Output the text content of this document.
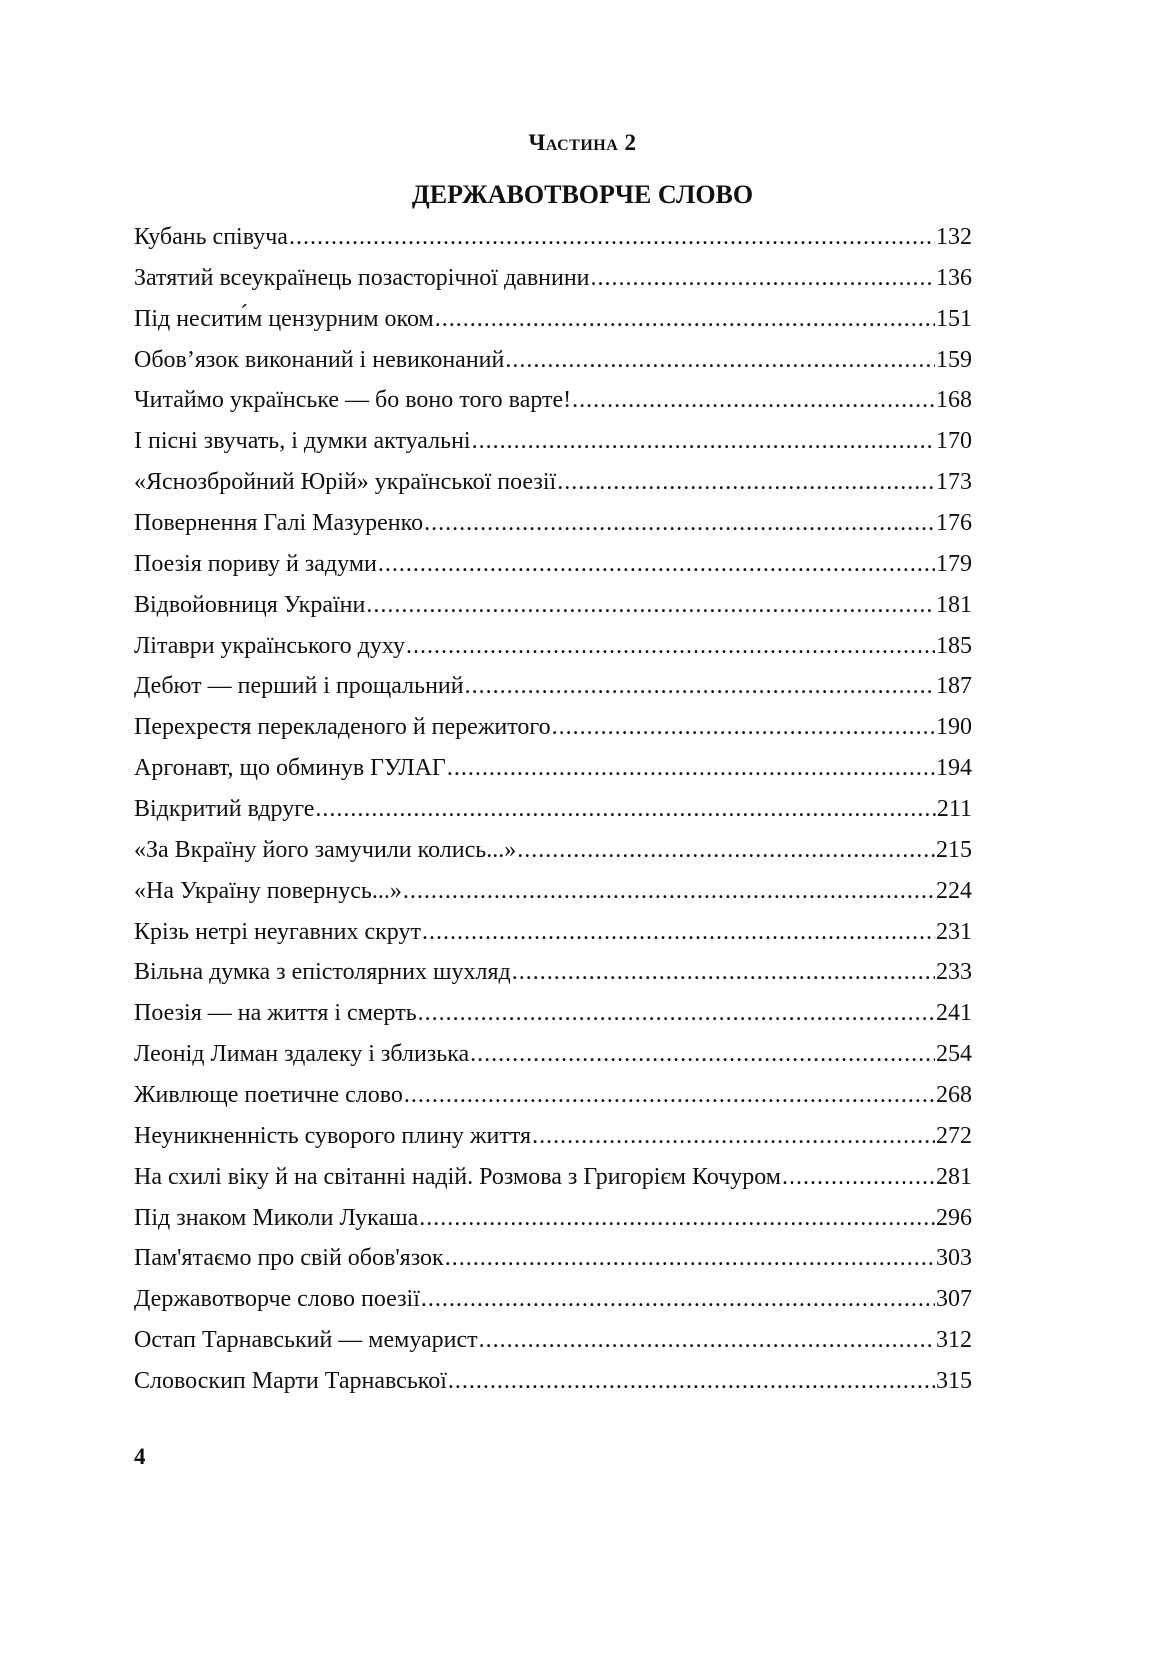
Частина 2
ДЕРЖАВОТВОРЧЕ СЛОВО
Кубань співуча .....	132
Затятий всеукраїнець позасторічної давнини .....	136
Під несити́м цензурним оком .....	151
Обов’язок виконаний і невиконаний .....	159
Читаймо українське — бо воно того варте! .....	168
І пісні звучать, і думки актуальні .....	170
«Яснозбройний Юрій» української поезії .....	173
Повернення Галі Мазуренко .....	176
Поезія пориву й задуми .....	179
Відвойовниця України .....	181
Літаври українського духу .....	185
Дебют — перший і прощальний .....	187
Перехрестя перекладеного й пережитого .....	190
Аргонавт, що обминув ГУЛАГ .....	194
Відкритий вдруге .....	211
«За Вкраїну його замучили колись...» .....	215
«На Україну повернусь...» .....	224
Крізь нетрі неугавних скрут .....	231
Вільна думка з епістолярних шухляд .....	233
Поезія — на життя і смерть .....	241
Леонід Лиман здалеку і зблизька .....	254
Живлюще поетичне слово .....	268
Неуникненність суворого плину життя .....	272
На схилі віку й на світанні надій. Розмова з Григорієм Кочуром .....	281
Під знаком Миколи Лукаша .....	296
Пам'ятаємо про свій обов'язок .....	303
Державотворче слово поезії .....	307
Остап Тарнавський — мемуарист .....	312
Словоскип Марти Тарнавської .....	315
4
